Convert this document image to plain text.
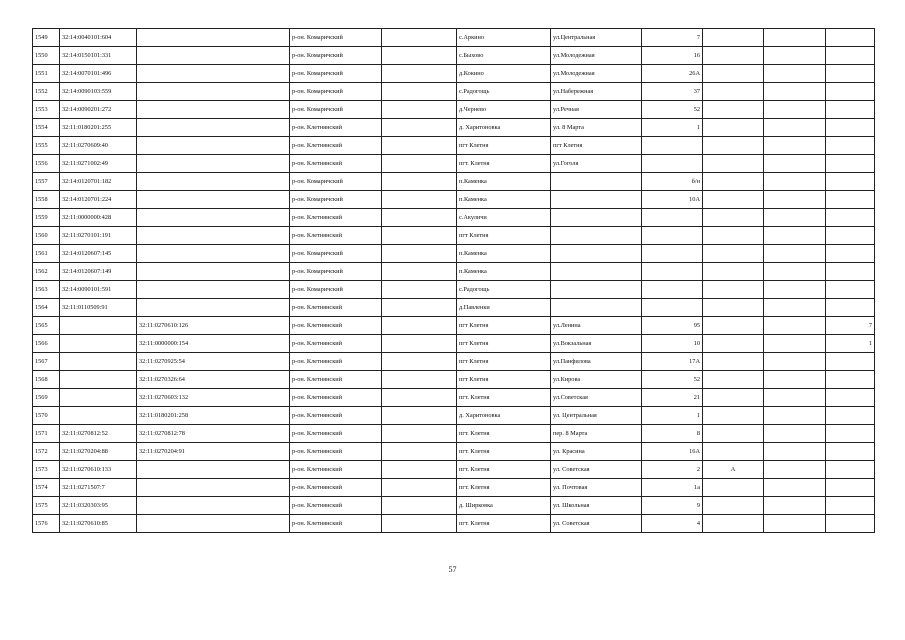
1549	32:14:0040101:604		р-он. Комаричский		с.Аркино	ул.Центральная	7			
1550	32:14:0150101:331		р-он. Комаричский		с.Быхово	ул.Молодежная	16			
1551	32:14:0070101:496		р-он. Комаричский		д.Кокино	ул.Молодежная	26А			
1552	32:14:0090103:559		р-он. Комаричский		с.Радогощь	ул.Набережная	37			
1553	32:14:0090201:272		р-он. Комаричский		д.Чернево	ул.Речная	52			
1554	32:11:0180201:255		р-он. Клетнянский		д. Харитоновка	ул. 8 Марта	1			
1555	32:11:0270609:40		р-он. Клетнянский		пгт Клетня	пгт Клетня				
1556	32:11:0271002:49		р-он. Клетнянский		пгт. Клетня	ул.Гоголя				
1557	32:14:0120701:182		р-он. Комаричский		п.Каменка		б/н			
1558	32:14:0120701:224		р-он. Комаричский		п.Каменка		10А			
1559	32:11:0000000:428		р-он. Клетнянский		с.Акуличи					
1560	32:11:0270101:191		р-он. Клетнянский		пгт Клетня					
1561	32:14:0120607:145		р-он. Комаричский		п.Каменка					
1562	32:14:0120607:149		р-он. Комаричский		п.Каменка					
1563	32:14:0090101:591		р-он. Комаричский		с.Радогощь					
1564	32:11:0110509:91		р-он. Клетнянский		д.Павленки					
1565		32:11:0270610:126	р-он. Клетнянский		пгт Клетня	ул.Ленина	95			7
1566		32:11:0000000:154	р-он. Клетнянский		пгт Клетня	ул.Вокзальная	10			1
1567		32:11:0270925:54	р-он. Клетнянский		пгт Клетня	ул.Панфилова	17А			
1568		32:11:0270326:64	р-он. Клетнянский		пгт Клетня	ул.Кирова	52			
1569		32:11:0270603:132	р-он. Клетнянский		пгт. Клетня	ул.Советская	21			
1570		32:11:0180201:258	р-он. Клетнянский		д. Харитоновка	ул. Центральная	1			
1571	32:11:0270812:52	32:11:0270812:78	р-он. Клетнянский		пгт. Клетня	пер. 8 Марта	8			
1572	32:11:0270204:88	32:11:0270204:91	р-он. Клетнянский		пгт. Клетня	ул. Красина	16А			
1573	32:11:0270610:133		р-он. Клетнянский		пгт. Клетня	ул. Советская	2	А		
1574	32:11:0271507:7		р-он. Клетнянский		пгт. Клетня	ул. Почтовая	1а			
1575	32:11:0320303:95		р-он. Клетнянский		д. Ширковка	ул. Школьная	9			
1576	32:11:0270610:85		р-он. Клетнянский		пгт. Клетня	ул. Советская	4			
57
